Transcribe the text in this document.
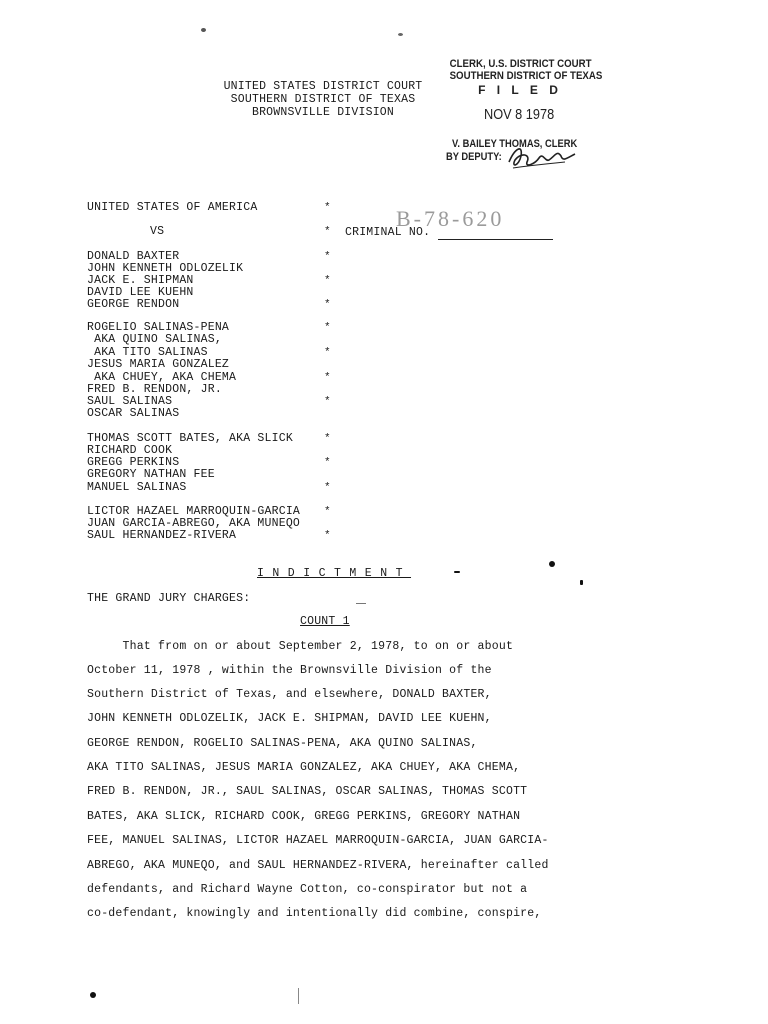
UNITED STATES DISTRICT COURT
SOUTHERN DISTRICT OF TEXAS
BROWNSVILLE DIVISION
CLERK, U.S. DISTRICT COURT
SOUTHERN DISTRICT OF TEXAS
F I L E D
NOV 8 1978
V. BAILEY THOMAS, CLERK
BY DEPUTY:
UNITED STATES OF AMERICA
VS
B-78-620
CRIMINAL NO.
*
*
*
*
*
*
*
*
*
*
*
*
*
*
DONALD BAXTER
JOHN KENNETH ODLOZELIK
JACK E. SHIPMAN
DAVID LEE KUEHN
GEORGE RENDON
ROGELIO SALINAS-PENA
AKA QUINO SALINAS,
AKA TITO SALINAS
JESUS MARIA GONZALEZ
AKA CHUEY, AKA CHEMA
FRED B. RENDON, JR.
SAUL SALINAS
OSCAR SALINAS
THOMAS SCOTT BATES, AKA SLICK
RICHARD COOK
GREGG PERKINS
GREGORY NATHAN FEE
MANUEL SALINAS
LICTOR HAZAEL MARROQUIN-GARCIA
JUAN GARCIA-ABREGO, AKA MUNEQO
SAUL HERNANDEZ-RIVERA
INDICTMENT
THE GRAND JURY CHARGES:
COUNT 1
That from on or about September 2, 1978, to on or about
October 11, 1978 , within the Brownsville Division of the
Southern District of Texas, and elsewhere, DONALD BAXTER,
JOHN KENNETH ODLOZELIK, JACK E. SHIPMAN, DAVID LEE KUEHN,
GEORGE RENDON, ROGELIO SALINAS-PENA, AKA QUINO SALINAS,
AKA TITO SALINAS, JESUS MARIA GONZALEZ, AKA CHUEY, AKA CHEMA,
FRED B. RENDON, JR., SAUL SALINAS, OSCAR SALINAS, THOMAS SCOTT
BATES, AKA SLICK, RICHARD COOK, GREGG PERKINS, GREGORY NATHAN
FEE, MANUEL SALINAS, LICTOR HAZAEL MARROQUIN-GARCIA, JUAN GARCIA-
ABREGO, AKA MUNEQO, and SAUL HERNANDEZ-RIVERA, hereinafter called
defendants, and Richard Wayne Cotton, co-conspirator but not a
co-defendant, knowingly and intentionally did combine, conspire,
